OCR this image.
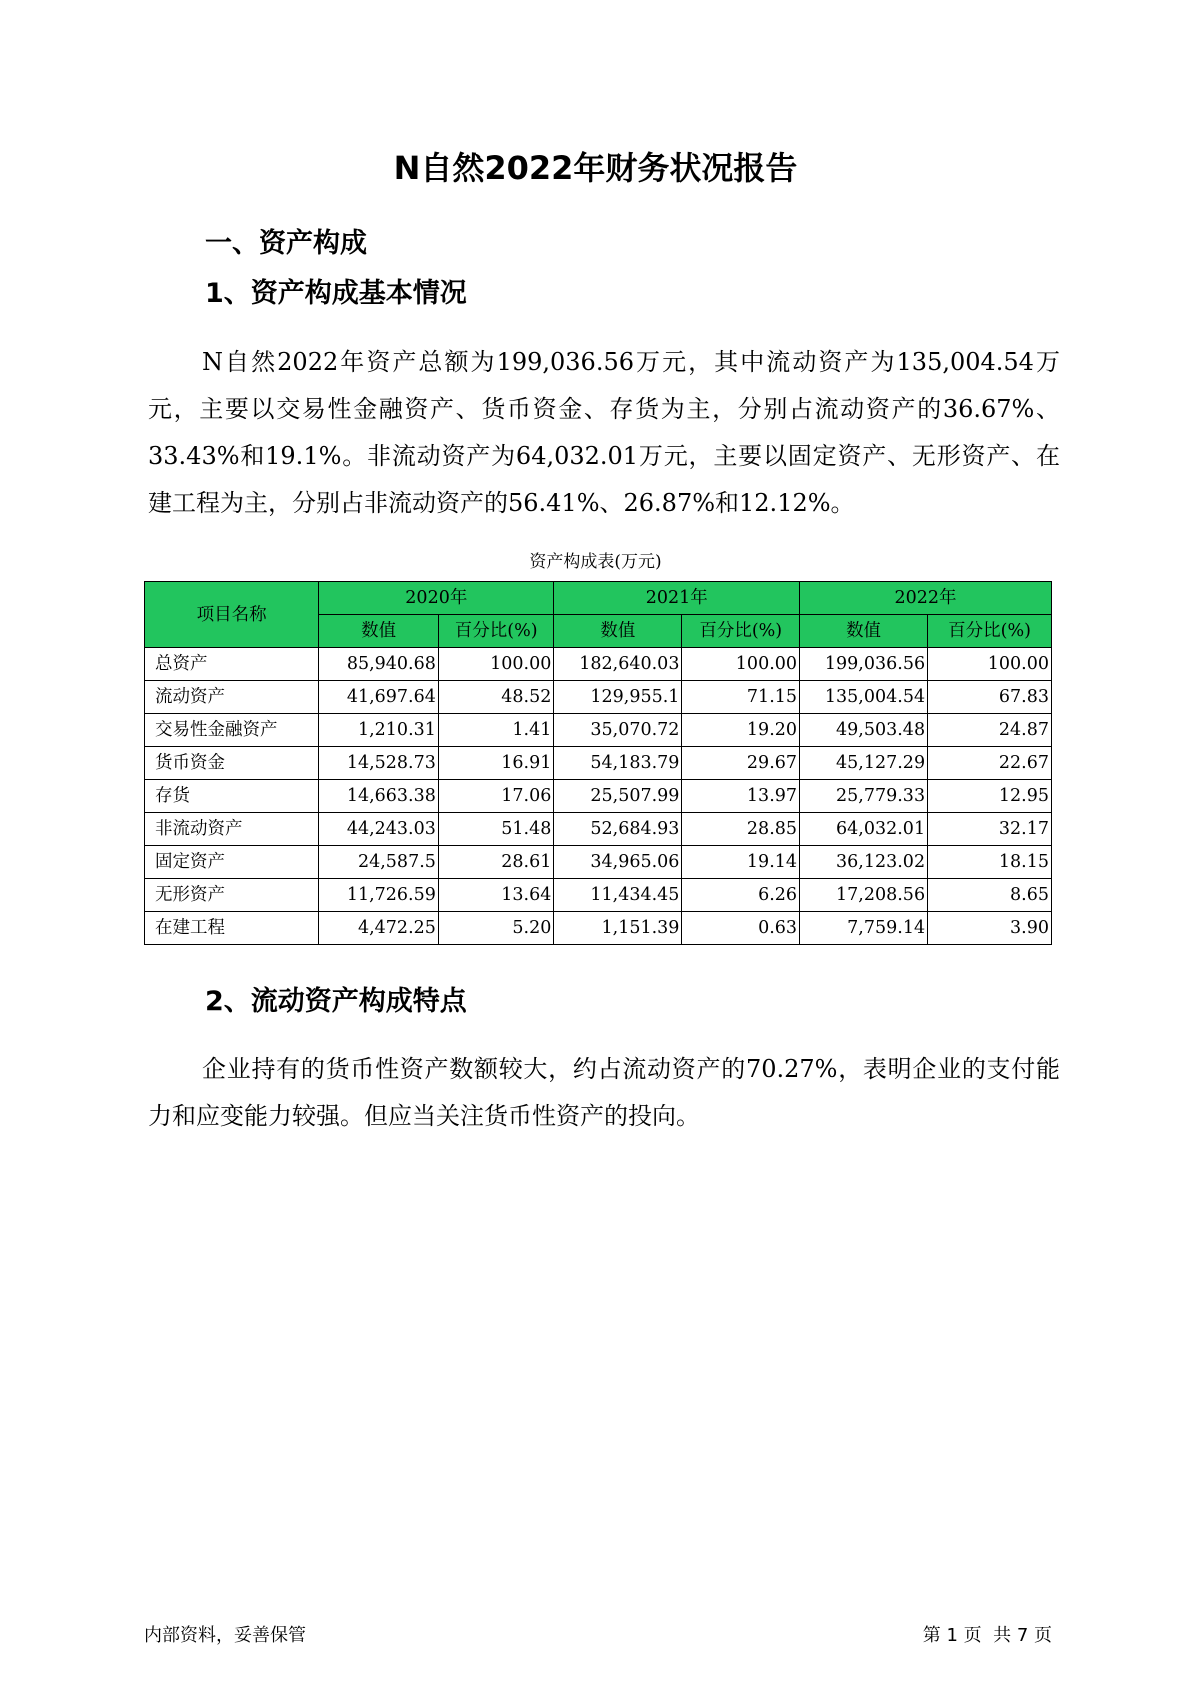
N自然2022年财务状况报告
一、资产构成
1、资产构成基本情况

N自然2022年资产总额为199,036.56万元，其中流动资产为135,004.54万元，主要以交易性金融资产、货币资金、存货为主，分别占流动资产的36.67%、33.43%和19.1%。非流动资产为64,032.01万元，主要以固定资产、无形资产、在建工程为主，分别占非流动资产的56.41%、26.87%和12.12%。

资产构成表(万元)
项目名称	2020年		2021年		2022年	
	数值	百分比(%)	数值	百分比(%)	数值	百分比(%)
总资产	85,940.68	100.00	182,640.03	100.00	199,036.56	100.00
流动资产	41,697.64	48.52	129,955.1	71.15	135,004.54	67.83
交易性金融资产	1,210.31	1.41	35,070.72	19.20	49,503.48	24.87
货币资金	14,528.73	16.91	54,183.79	29.67	45,127.29	22.67
存货	14,663.38	17.06	25,507.99	13.97	25,779.33	12.95
非流动资产	44,243.03	51.48	52,684.93	28.85	64,032.01	32.17
固定资产	24,587.5	28.61	34,965.06	19.14	36,123.02	18.15
无形资产	11,726.59	13.64	11,434.45	6.26	17,208.56	8.65
在建工程	4,472.25	5.20	1,151.39	0.63	7,759.14	3.90
2、流动资产构成特点

企业持有的货币性资产数额较大，约占流动资产的70.27%，表明企业的支付能力和应变能力较强。但应当关注货币性资产的投向。

内部资料，妥善保管	第 1 页  共 7 页
